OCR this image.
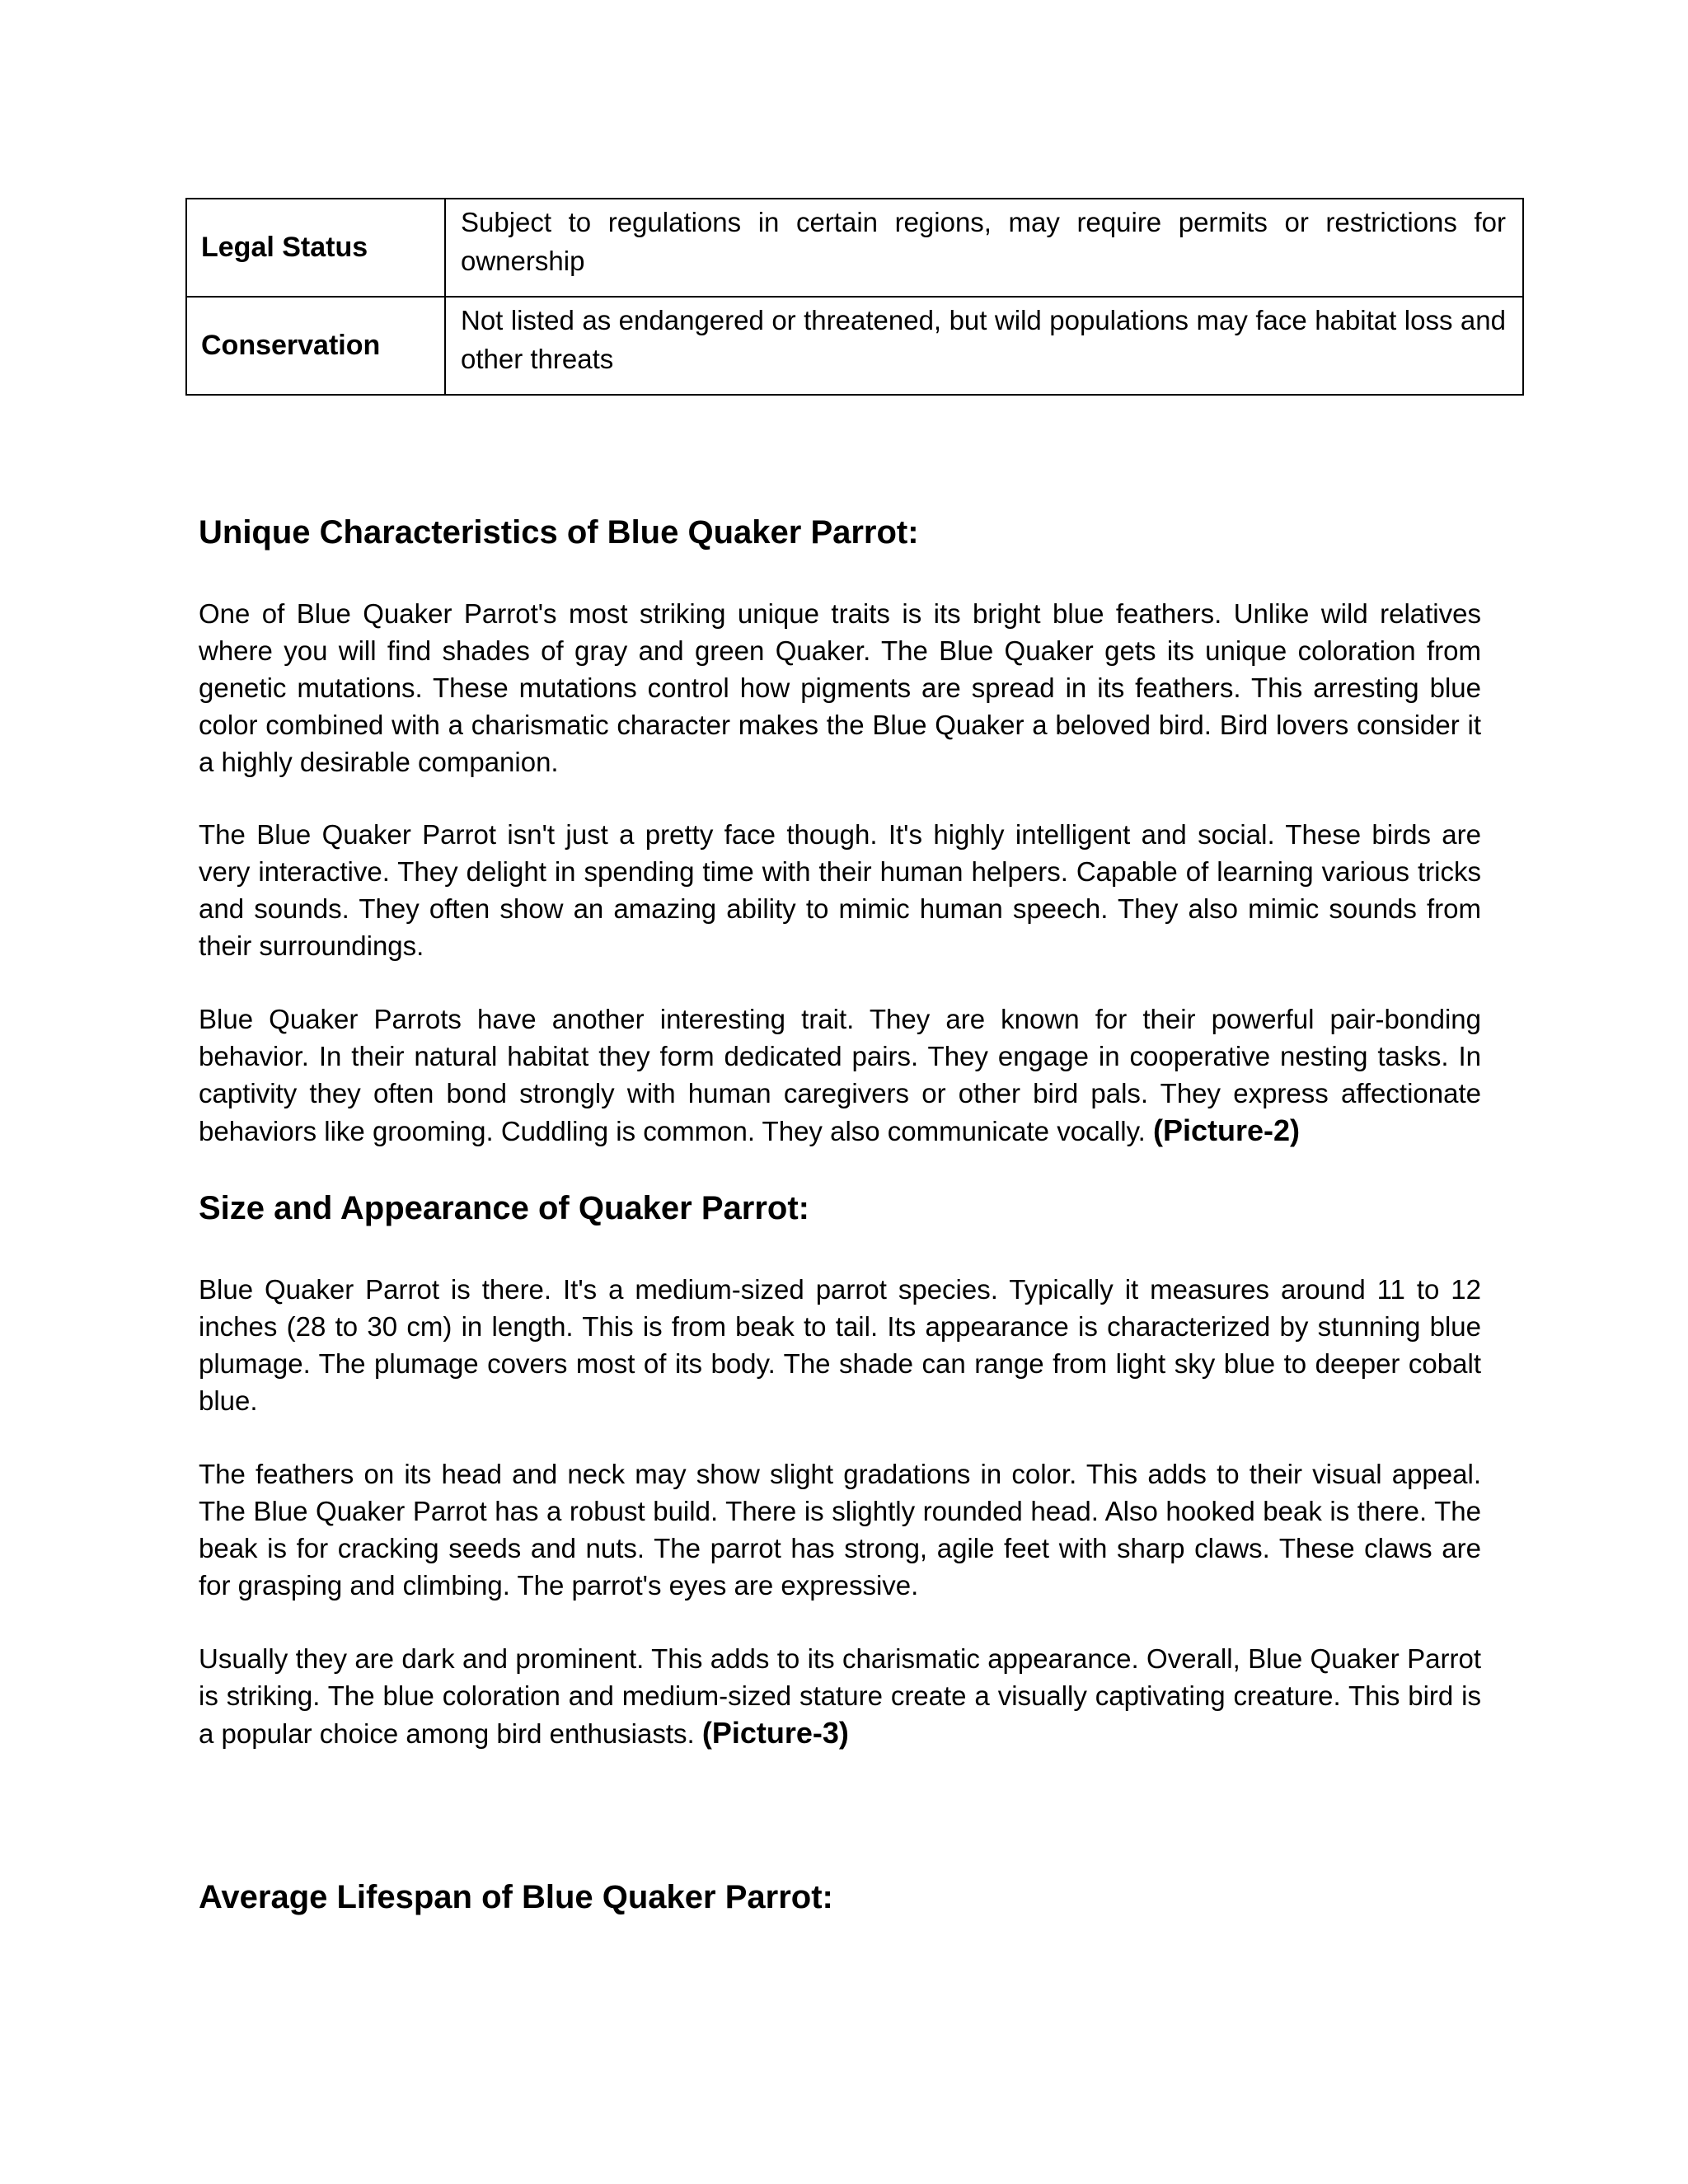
Legal Status	Subject to regulations in certain regions, may require permits or restrictions for ownership
Conservation	Not listed as endangered or threatened, but wild populations may face habitat loss and other threats
Unique Characteristics of Blue Quaker Parrot:

One of Blue Quaker Parrot's most striking unique traits is its bright blue feathers. Unlike wild relatives where you will find shades of gray and green Quaker. The Blue Quaker gets its unique coloration from genetic mutations. These mutations control how pigments are spread in its feathers. This arresting blue color combined with a charismatic character makes the Blue Quaker a beloved bird. Bird lovers consider it a highly desirable companion.

The Blue Quaker Parrot isn't just a pretty face though. It's highly intelligent and social. These birds are very interactive. They delight in spending time with their human helpers. Capable of learning various tricks and sounds. They often show an amazing ability to mimic human speech. They also mimic sounds from their surroundings.

Blue Quaker Parrots have another interesting trait. They are known for their powerful pair-bonding behavior. In their natural habitat they form dedicated pairs. They engage in cooperative nesting tasks. In captivity they often bond strongly with human caregivers or other bird pals. They express affectionate behaviors like grooming. Cuddling is common. They also communicate vocally. (Picture-2)

Size and Appearance of Quaker Parrot:

Blue Quaker Parrot is there. It's a medium-sized parrot species. Typically it measures around 11 to 12 inches (28 to 30 cm) in length. This is from beak to tail. Its appearance is characterized by stunning blue plumage. The plumage covers most of its body. The shade can range from light sky blue to deeper cobalt blue.

The feathers on its head and neck may show slight gradations in color. This adds to their visual appeal. The Blue Quaker Parrot has a robust build. There is slightly rounded head. Also hooked beak is there. The beak is for cracking seeds and nuts. The parrot has strong, agile feet with sharp claws. These claws are for grasping and climbing. The parrot's eyes are expressive.

Usually they are dark and prominent. This adds to its charismatic appearance. Overall, Blue Quaker Parrot is striking. The blue coloration and medium-sized stature create a visually captivating creature. This bird is a popular choice among bird enthusiasts. (Picture-3)

Average Lifespan of Blue Quaker Parrot:
